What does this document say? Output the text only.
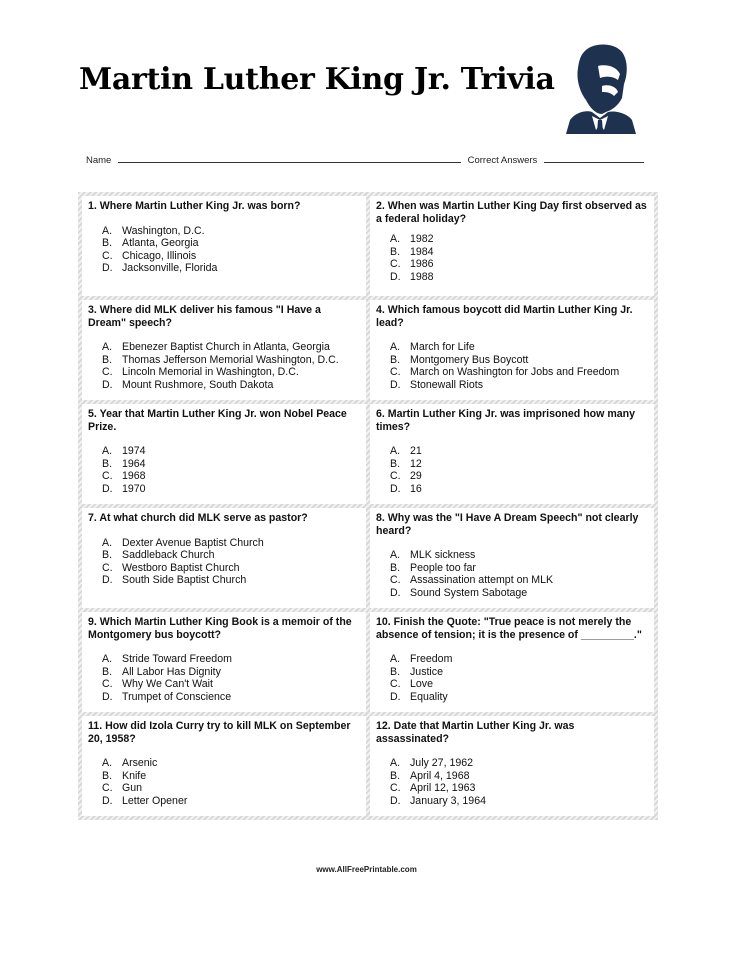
Martin Luther King Jr. Trivia
Name	Correct Answers
1. Where Martin Luther King Jr. was born?
A. Washington, D.C.
B. Atlanta, Georgia
C. Chicago, Illinois
D. Jacksonville, Florida
2. When was Martin Luther King Day first observed as a federal holiday?
A. 1982
B. 1984
C. 1986
D. 1988
3. Where did MLK deliver his famous "I Have a Dream" speech?
A. Ebenezer Baptist Church in Atlanta, Georgia
B. Thomas Jefferson Memorial Washington, D.C.
C. Lincoln Memorial in Washington, D.C.
D. Mount Rushmore, South Dakota
4. Which famous boycott did Martin Luther King Jr. lead?
A. March for Life
B. Montgomery Bus Boycott
C. March on Washington for Jobs and Freedom
D. Stonewall Riots
5. Year that Martin Luther King Jr. won Nobel Peace Prize.
A. 1974
B. 1964
C. 1968
D. 1970
6. Martin Luther King Jr. was imprisoned how many times?
A. 21
B. 12
C. 29
D. 16
7. At what church did MLK serve as pastor?
A. Dexter Avenue Baptist Church
B. Saddleback Church
C. Westboro Baptist Church
D. South Side Baptist Church
8. Why was the "I Have A Dream Speech" not clearly heard?
A. MLK sickness
B. People too far
C. Assassination attempt on MLK
D. Sound System Sabotage
9. Which Martin Luther King Book is a memoir of the Montgomery bus boycott?
A. Stride Toward Freedom
B. All Labor Has Dignity
C. Why We Can't Wait
D. Trumpet of Conscience
10. Finish the Quote: "True peace is not merely the absence of tension; it is the presence of _________."
A. Freedom
B. Justice
C. Love
D. Equality
11. How did Izola Curry try to kill MLK on September 20, 1958?
A. Arsenic
B. Knife
C. Gun
D. Letter Opener
12. Date that Martin Luther King Jr. was assassinated?
A. July 27, 1962
B. April 4, 1968
C. April 12, 1963
D. January 3, 1964
www.AllFreePrintable.com
